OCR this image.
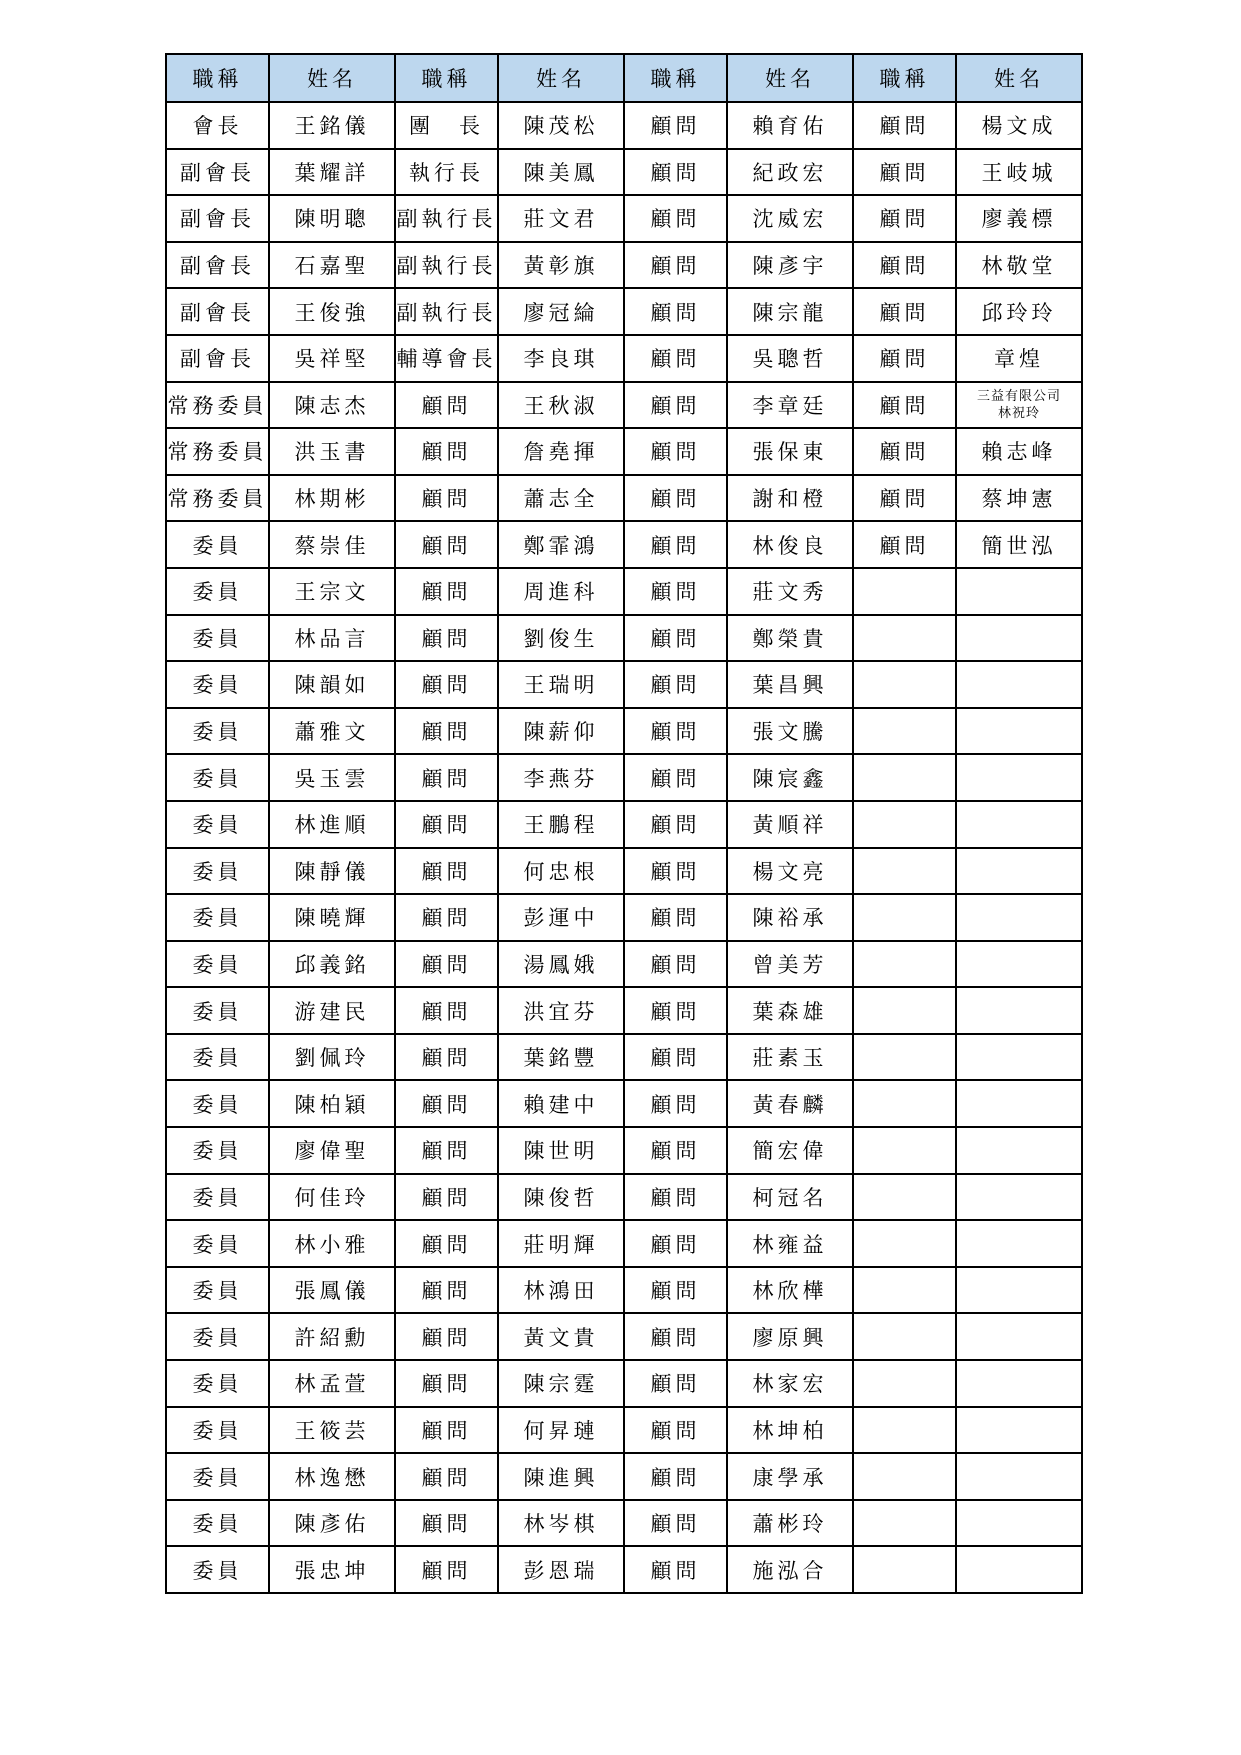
職稱	姓名	職稱	姓名	職稱	姓名	職稱	姓名
會長	王銘儀	團　長	陳茂松	顧問	賴育佑	顧問	楊文成
副會長	葉耀詳	執行長	陳美鳳	顧問	紀政宏	顧問	王岐城
副會長	陳明聰	副執行長	莊文君	顧問	沈威宏	顧問	廖義標
副會長	石嘉聖	副執行長	黃彰旗	顧問	陳彥宇	顧問	林敬堂
副會長	王俊強	副執行長	廖冠綸	顧問	陳宗龍	顧問	邱玲玲
副會長	吳祥堅	輔導會長	李良琪	顧問	吳聰哲	顧問	章煌
常務委員	陳志杰	顧問	王秋淑	顧問	李章廷	顧問	三益有限公司
林祝玲

常務委員	洪玉書	顧問	詹堯揮	顧問	張保東	顧問	賴志峰
常務委員	林期彬	顧問	蕭志全	顧問	謝和橙	顧問	蔡坤憲
委員	蔡崇佳	顧問	鄭霏鴻	顧問	林俊良	顧問	簡世泓
委員	王宗文	顧問	周進科	顧問	莊文秀		
委員	林品言	顧問	劉俊生	顧問	鄭榮貴		
委員	陳韻如	顧問	王瑞明	顧問	葉昌興		
委員	蕭雅文	顧問	陳薪仰	顧問	張文騰		
委員	吳玉雲	顧問	李燕芬	顧問	陳宸鑫		
委員	林進順	顧問	王鵬程	顧問	黃順祥		
委員	陳靜儀	顧問	何忠根	顧問	楊文亮		
委員	陳曉輝	顧問	彭運中	顧問	陳裕承		
委員	邱義銘	顧問	湯鳳娥	顧問	曾美芳		
委員	游建民	顧問	洪宜芬	顧問	葉森雄		
委員	劉佩玲	顧問	葉銘豐	顧問	莊素玉		
委員	陳柏穎	顧問	賴建中	顧問	黃春麟		
委員	廖偉聖	顧問	陳世明	顧問	簡宏偉		
委員	何佳玲	顧問	陳俊哲	顧問	柯冠名		
委員	林小雅	顧問	莊明輝	顧問	林雍益		
委員	張鳳儀	顧問	林鴻田	顧問	林欣樺		
委員	許紹勳	顧問	黃文貴	顧問	廖原興		
委員	林孟萱	顧問	陳宗霆	顧問	林家宏		
委員	王筱芸	顧問	何昇璉	顧問	林坤柏		
委員	林逸懋	顧問	陳進興	顧問	康學承		
委員	陳彥佑	顧問	林岑棋	顧問	蕭彬玲		
委員	張忠坤	顧問	彭恩瑞	顧問	施泓合		
